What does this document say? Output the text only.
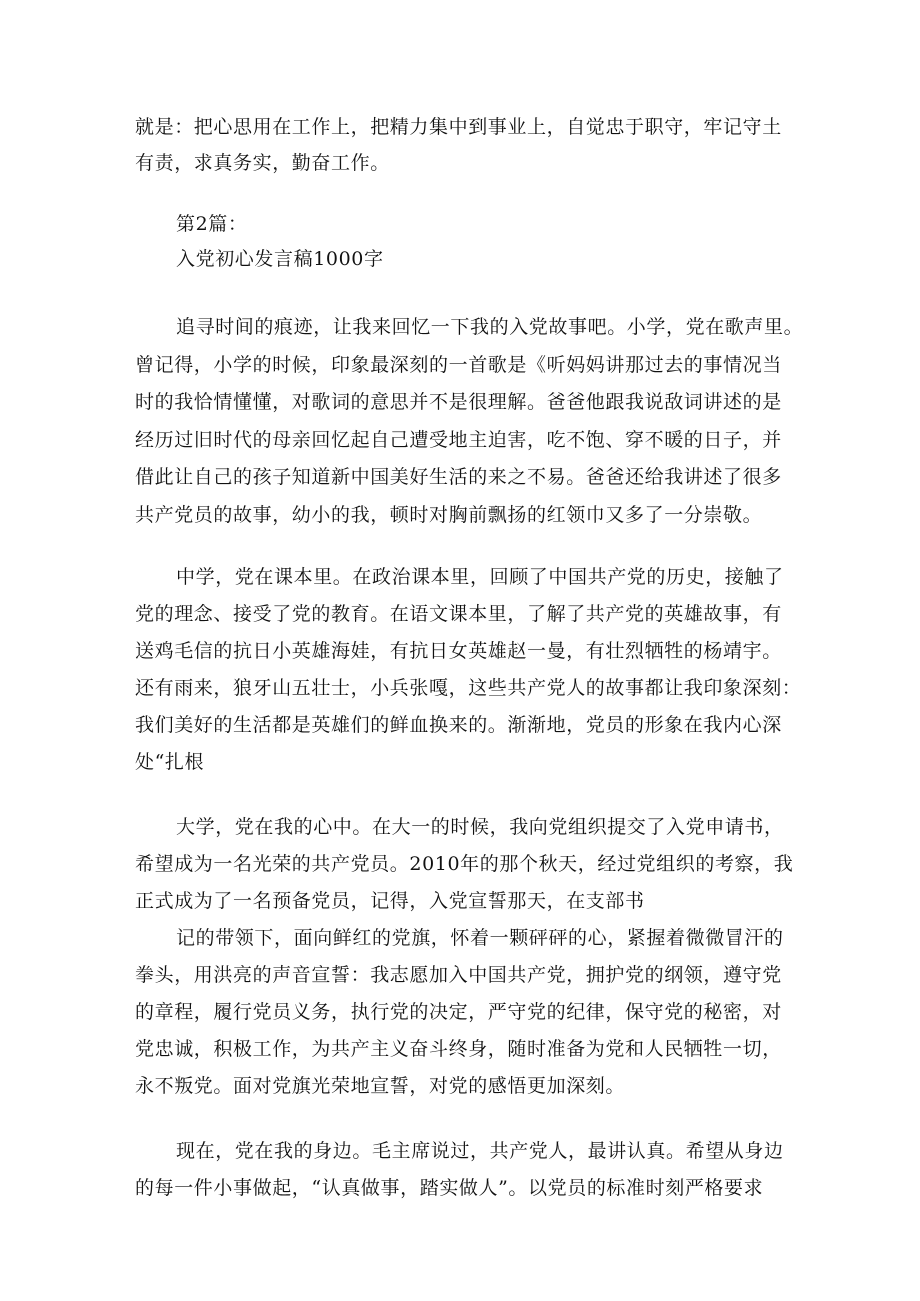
就是：把心思用在工作上，把精力集中到事业上，自觉忠于职守，牢记守土
有责，求真务实，勤奋工作。
第2篇：
入党初心发言稿1000字
追寻时间的痕迹，让我来回忆一下我的入党故事吧。小学，党在歌声里。
曾记得，小学的时候，印象最深刻的一首歌是《听妈妈讲那过去的事情况当
时的我恰情懂懂，对歌词的意思并不是很理解。爸爸他跟我说敌词讲述的是
经历过旧时代的母亲回忆起自己遭受地主迫害，吃不饱、穿不暖的日子，并
借此让自己的孩子知道新中国美好生活的来之不易。爸爸还给我讲述了很多
共产党员的故事，幼小的我，顿时对胸前飘扬的红领巾又多了一分崇敬。
中学，党在课本里。在政治课本里，回顾了中国共产党的历史，接触了
党的理念、接受了党的教育。在语文课本里，了解了共产党的英雄故事，有
送鸡毛信的抗日小英雄海娃，有抗日女英雄赵一曼，有壮烈牺牲的杨靖宇。
还有雨来，狼牙山五壮士，小兵张嘎，这些共产党人的故事都让我印象深刻：
我们美好的生活都是英雄们的鲜血换来的。渐渐地，党员的形象在我内心深
处“扎根
大学，党在我的心中。在大一的时候，我向党组织提交了入党申请书，
希望成为一名光荣的共产党员。2010年的那个秋天，经过党组织的考察，我
正式成为了一名预备党员，记得，入党宣誓那天，在支部书
记的带领下，面向鲜红的党旗，怀着一颗砰砰的心，紧握着微微冒汗的
拳头，用洪亮的声音宣誓：我志愿加入中国共产党，拥护党的纲领，遵守党
的章程，履行党员义务，执行党的决定，严守党的纪律，保守党的秘密，对
党忠诚，积极工作，为共产主义奋斗终身，随时准备为党和人民牺牲一切，
永不叛党。面对党旗光荣地宣誓，对党的感悟更加深刻。
现在，党在我的身边。毛主席说过，共产党人，最讲认真。希望从身边
的每一件小事做起，“认真做事，踏实做人”。以党员的标准时刻严格要求
